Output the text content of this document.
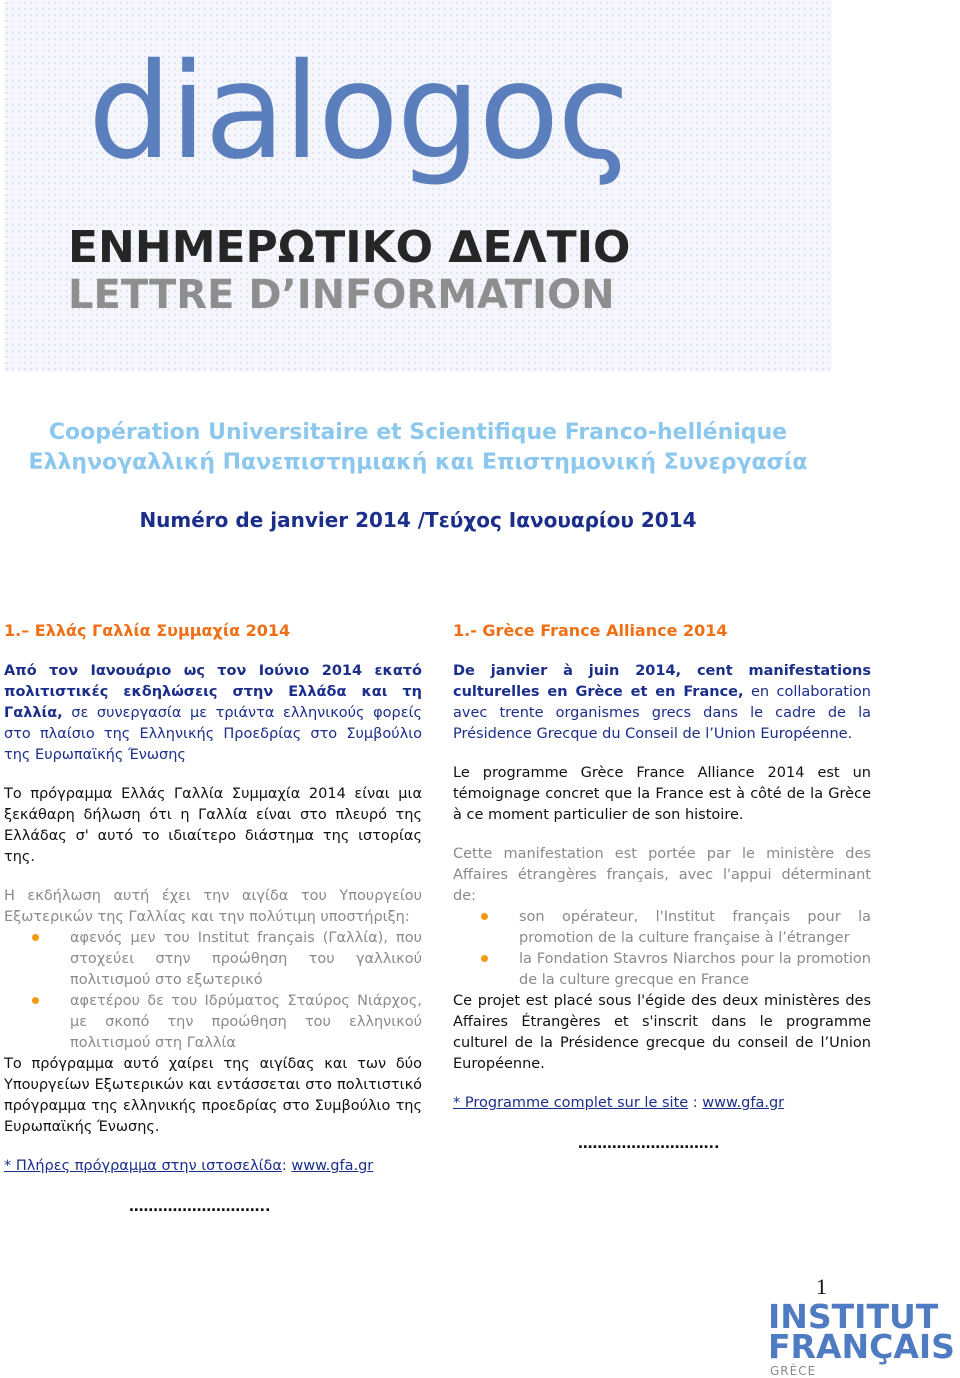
dialogoς
ΕΝΗΜΕΡΩΤΙΚΟ ΔΕΛΤΙΟ
LETTRE D’INFORMATION
Coopération Universitaire et Scientifique Franco-hellénique
Ελληνογαλλική Πανεπιστημιακή και Επιστημονική Συνεργασία
Numéro de janvier 2014 /Τεύχος Ιανουαρίου 2014
1.– Ελλάς Γαλλία Συμμαχία 2014

Από τον Ιανουάριο ως τον Ιούνιο 2014 εκατό πολιτιστικές εκδηλώσεις στην Ελλάδα και τη Γαλλία, σε συνεργασία με τριάντα ελληνικούς φορείς στο πλαίσιο της Ελληνικής Προεδρίας στο Συμβούλιο της Ευρωπαϊκής Ένωσης

Το πρόγραμμα Ελλάς Γαλλία Συμμαχία 2014 είναι μια ξεκάθαρη δήλωση ότι η Γαλλία είναι στο πλευρό της Ελλάδας σ' αυτό το ιδιαίτερο διάστημα της ιστορίας της.

Η εκδήλωση αυτή έχει την αιγίδα του Υπουργείου Εξωτερικών της Γαλλίας και την πολύτιμη υποστήριξη:

αφενός μεν του Institut français (Γαλλία), που στοχεύει στην προώθηση του γαλλικού πολιτισμού στο εξωτερικό
αφετέρου δε του Ιδρύματος Σταύρος Νιάρχος, με σκοπό την προώθηση του ελληνικού πολιτισμού στη Γαλλία

Το πρόγραμμα αυτό χαίρει της αιγίδας και των δύο Υπουργείων Εξωτερικών και εντάσσεται στο πολιτιστικό πρόγραμμα της ελληνικής προεδρίας στο Συμβούλιο της Ευρωπαϊκής Ένωσης.

* Πλήρες πρόγραμμα στην ιστοσελίδα: www.gfa.gr

………………………..

1.- Grèce France Alliance 2014

De janvier à juin 2014, cent manifestations culturelles en Grèce et en France, en collaboration avec trente organismes grecs dans le cadre de la Présidence Grecque du Conseil de l’Union Européenne.

Le programme Grèce France Alliance 2014 est un témoignage concret que la France est à côté de la Grèce à ce moment particulier de son histoire.

Cette manifestation est portée par le ministère des Affaires étrangères français, avec l'appui déterminant de:

son opérateur, l'Institut français pour la promotion de la culture française à l’étranger
la Fondation Stavros Niarchos pour la promotion de la culture grecque en France

Ce projet est placé sous l'égide des deux ministères des Affaires Étrangères et s'inscrit dans le programme culturel de la Présidence grecque du conseil de l’Union Européenne.

* Programme complet sur le site : www.gfa.gr

………………………..

1
INSTITUT
FRANÇAIS
GRÈCE
